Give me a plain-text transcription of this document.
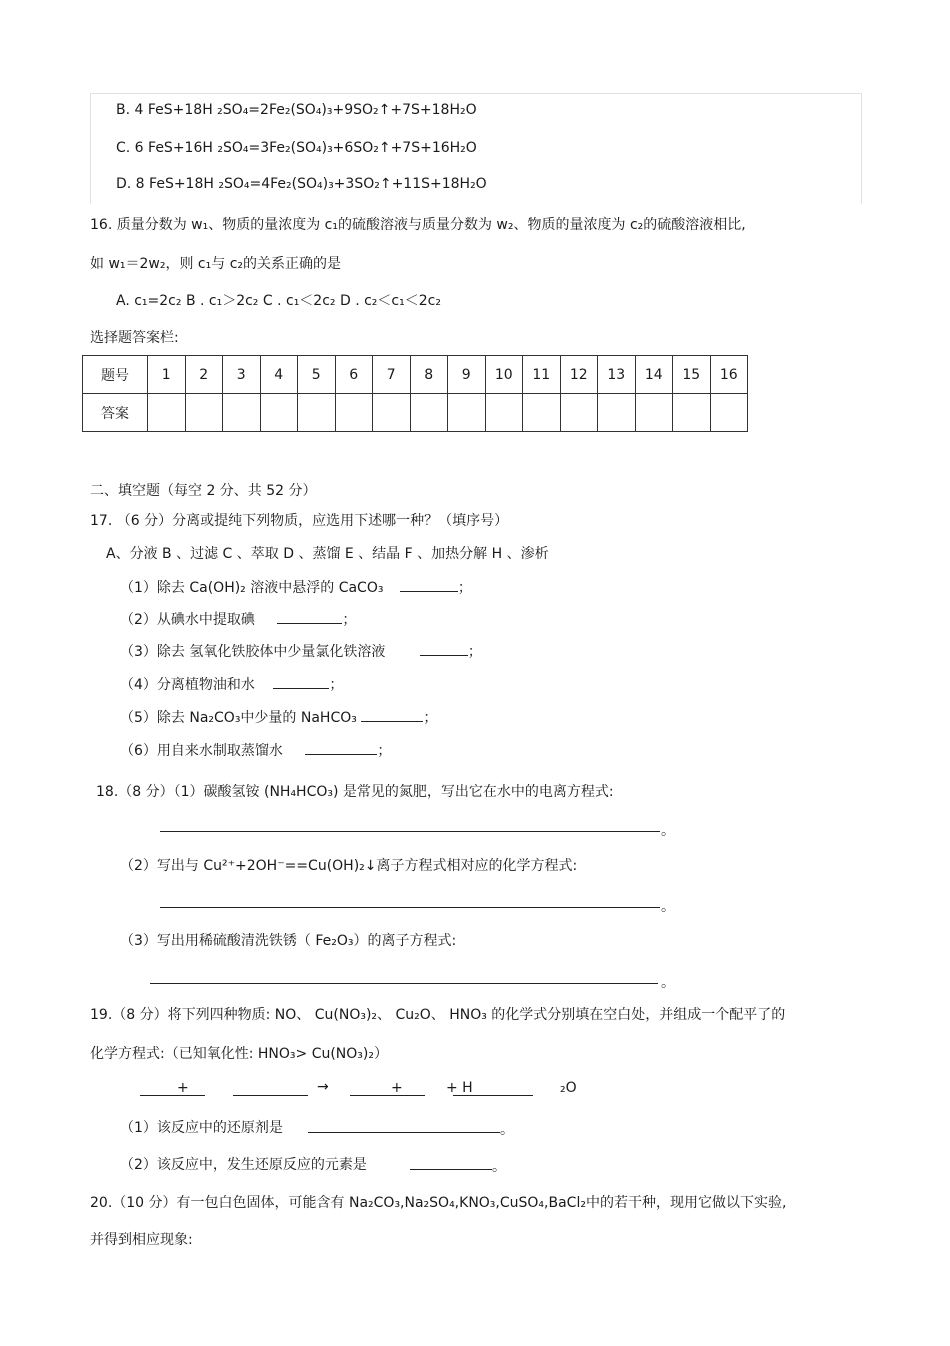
B. 4 FeS+18H ₂SO₄=2Fe₂(SO₄)₃+9SO₂↑+7S+18H₂O
C. 6 FeS+16H ₂SO₄=3Fe₂(SO₄)₃+6SO₂↑+7S+16H₂O
D. 8 FeS+18H ₂SO₄=4Fe₂(SO₄)₃+3SO₂↑+11S+18H₂O
16. 质量分数为 w₁、物质的量浓度为 c₁的硫酸溶液与质量分数为 w₂、物质的量浓度为 c₂的硫酸溶液相比,
如 w₁＝2w₂，则 c₁与 c₂的关系正确的是
A. c₁=2c₂ B . c₁＞2c₂ C . c₁＜2c₂ D . c₂＜c₁＜2c₂
选择题答案栏:
题号	1	2	3	4	5	6	7	8	9	10	11	12	13	14	15	16
答案																
二、填空题（每空 2 分、共 52 分）
17. （6 分）分离或提纯下列物质，应选用下述哪一种？（填序号）
A、分液 B 、过滤 C 、萃取 D 、蒸馏 E 、结晶 F 、加热分解 H 、渗析
（1）除去 Ca(OH)₂ 溶液中悬浮的 CaCO₃	；
（2）从碘水中提取碘	；
（3）除去 氢氧化铁胶体中少量氯化铁溶液	；
（4）分离植物油和水	；
（5）除去 Na₂CO₃中少量的 NaHCO₃	；
（6）用自来水制取蒸馏水	；
18.（8 分）（1）碳酸氢铵 (NH₄HCO₃) 是常见的氮肥，写出它在水中的电离方程式:
。
（2）写出与 Cu²⁺+2OH⁻==Cu(OH)₂↓离子方程式相对应的化学方程式:
。
（3）写出用稀硫酸清洗铁锈（ Fe₂O₃）的离子方程式:
。
19.（8 分）将下列四种物质: NO、 Cu(NO₃)₂、 Cu₂O、 HNO₃ 的化学式分别填在空白处，并组成一个配平了的
化学方程式:（已知氧化性: HNO₃> Cu(NO₃)₂）
+	→	+	+ H	₂O
（1）该反应中的还原剂是	。
（2）该反应中，发生还原反应的元素是	。
20.（10 分）有一包白色固体，可能含有 Na₂CO₃,Na₂SO₄,KNO₃,CuSO₄,BaCl₂中的若干种，现用它做以下实验,
并得到相应现象:
